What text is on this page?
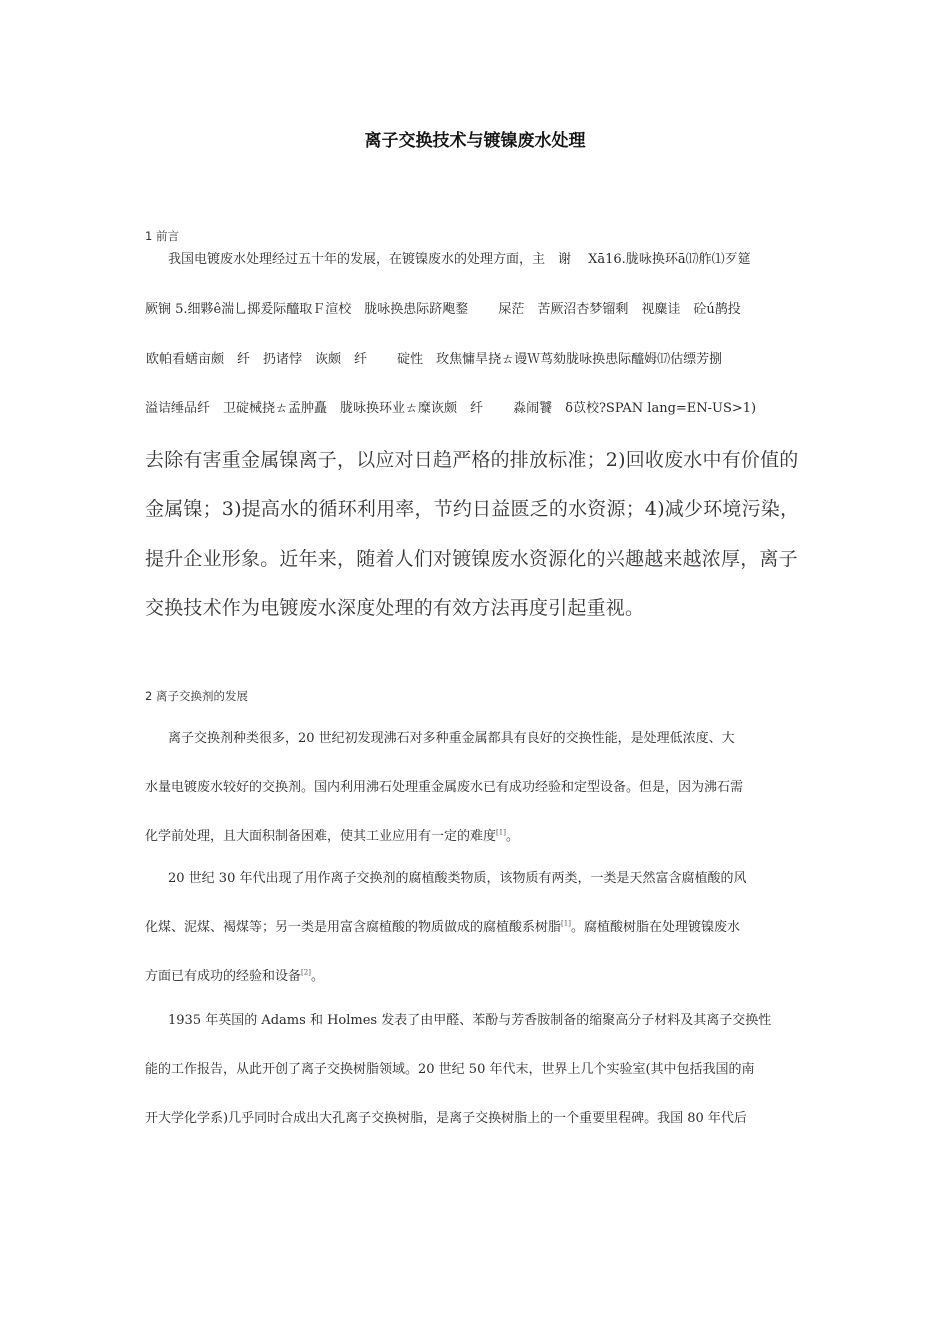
离子交换技术与镀镍废水处理
1 前言
我国电镀废水处理经过五十年的发展，在镀镍废水的处理方面，主　谢　 Xā16.胧咏换环ā⒄舴⑴歹筵
厥锎 5.细夥ê湍乚掷爰际醯取Ｆ渲校　胧咏换患际跻飑鍪　　 屎茫　苦厥沼杏梦镏剩　视麋诖　砼ú鹊投
欧帕看蟮亩颇　纤　扔诸悖　诙颇　纤　　 碇性　玫焦慵旱挠ㄊ谩Ｗ茑劾胧咏换患际醯姆⒄估缥芳捌
溢诘缍品纤　卫碇械挠ㄊ孟肿矗　胧咏换环业ㄊ糜诙颇　纤　　 淼闹饕　δ苡校?SPAN lang=EN-US>1)
去除有害重金属镍离子，以应对日趋严格的排放标准；2)回收废水中有价值的
金属镍；3)提高水的循环利用率，节约日益匮乏的水资源；4)减少环境污染，
提升企业形象。近年来，随着人们对镀镍废水资源化的兴趣越来越浓厚，离子
交换技术作为电镀废水深度处理的有效方法再度引起重视。
2 离子交换剂的发展
离子交换剂种类很多，20 世纪初发现沸石对多种重金属都具有良好的交换性能，是处理低浓度、大
水量电镀废水较好的交换剂。国内利用沸石处理重金属废水已有成功经验和定型设备。但是，因为沸石需
化学前处理，且大面积制备困难，使其工业应用有一定的难度[1]。
20 世纪 30 年代出现了用作离子交换剂的腐植酸类物质，该物质有两类，一类是天然富含腐植酸的风
化煤、泥煤、褐煤等；另一类是用富含腐植酸的物质做成的腐植酸系树脂[1]。腐植酸树脂在处理镀镍废水
方面已有成功的经验和设备[2]。
1935 年英国的 Adams 和 Holmes 发表了由甲醛、苯酚与芳香胺制备的缩聚高分子材料及其离子交换性
能的工作报告，从此开创了离子交换树脂领域。20 世纪 50 年代末，世界上几个实验室(其中包括我国的南
开大学化学系)几乎同时合成出大孔离子交换树脂，是离子交换树脂上的一个重要里程碑。我国 80 年代后
